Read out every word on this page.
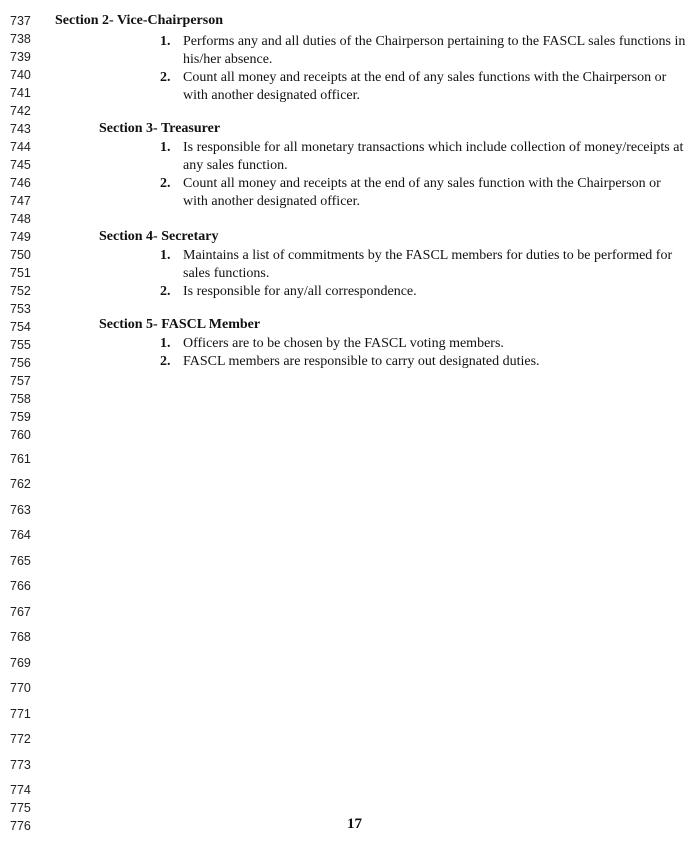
737
738
739
740
741
742
743
744
745
746
747
748
749
750
751
752
753
754
755
756
757
758
759
760
761
762
763
764
765
766
767
768
769
770
771
772
773
774
775
776
Section 2- Vice-Chairperson
1. Performs any and all duties of the Chairperson pertaining to the FASCL sales functions in
his/her absence.
2. Count all money and receipts at the end of any sales functions with the Chairperson or
with another designated officer.
Section 3- Treasurer
1. Is responsible for all monetary transactions which include collection of money/receipts at
any sales function.
2. Count all money and receipts at the end of any sales function with the Chairperson or
with another designated officer.
Section 4- Secretary
1. Maintains a list of commitments by the FASCL members for duties to be performed for
sales functions.
2. Is responsible for any/all correspondence.
Section 5- FASCL Member
1. Officers are to be chosen by the FASCL voting members.
2. FASCL members are responsible to carry out designated duties.
17
